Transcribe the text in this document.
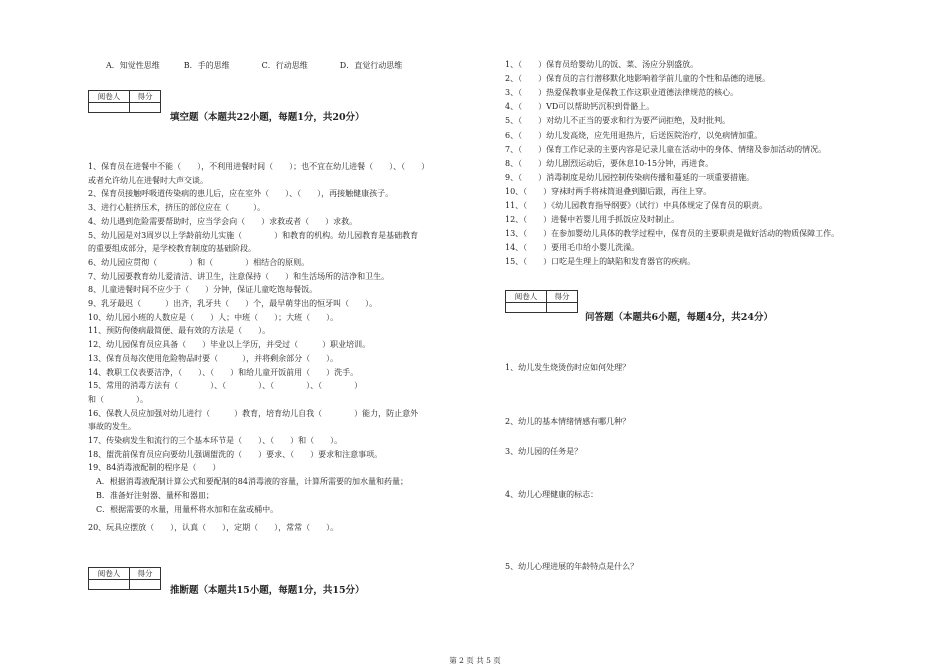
A．知觉性思维　　　B．手的思维　　　　C．行动思维　　　　D．直觉行动思维
阅卷人	得分

填空题（本题共22小题，每题1分，共20分）
1、保育员在进餐中不能（　　），不利用进餐时间（　　）；也不宜在幼儿进餐（　　）、（　　）
或者允许幼儿在进餐时大声交谈。
2、保育员接触呼吸道传染病的患儿后，应在室外（　　）、（　　），再接触健康孩子。
3、进行心脏挤压术，挤压的部位应在（　　　）。
4、幼儿遇到危险需要帮助时，应当学会向（　　）求救或者（　　）求救。
5、幼儿园是对3周岁以上学龄前幼儿实施（　　　　）和教育的机构。幼儿园教育是基础教育
的重要组成部分，是学校教育制度的基础阶段。
6、幼儿园应贯彻（　　　　）和（　　　　）相结合的原则。
7、幼儿园要教育幼儿爱清洁、讲卫生，注意保持（　　）和生活场所的洁净和卫生。
8、儿童进餐时间不应少于（　　）分钟，保证儿童吃饱每餐饭。
9、乳牙最迟（　　　）出齐，乳牙共（　　）个，最早萌芽出的恒牙叫（　　）。
10、幼儿园小班的人数应是（　　）人；中班（　　）；大班（　　）。
11、预防佝偻病最简便、最有效的方法是（　　）。
12、幼儿园保育员应具备（　　）毕业以上学历，并受过（　　　）职业培训。
13、保育员每次使用危险物品时要（　　　），并将剩余部分（　　）。
14、教职工仪表要洁净，（　　）、（　　）和给儿童开饭前用（　　）洗手。
15、常用的消毒方法有（　　　　）、（　　　　）、（　　　　）、（　　　　）
和（　　　　）。
16、保教人员应加强对幼儿进行（　　　）教育，培育幼儿自我（　　　　）能力，防止意外
事故的发生。
17、传染病发生和流行的三个基本环节是（　　）、（　　）和（　　）。
18、盥洗前保育员应向要幼儿强调盥洗的（　　）要求、（　　）要求和注意事项。
19、84消毒液配制的程序是（　　）
　A．根据消毒液配制计算公式和要配制的84消毒液的容量，计算所需要的加水量和药量；
　B．准备好注射器、量杯和器皿；
　C．根据需要的水量，用量杯将水加和在盆或桶中。
20、玩具应摆放（　　），认真（　　），定期（　　），常常（　　）。
阅卷人	得分

推断题（本题共15小题，每题1分，共15分）
1、（　　）保育员给婴幼儿的饭、菜、汤应分别盛放。
2、（　　）保育员的言行潜移默化地影响着学前儿童的个性和品德的进展。
3、（　　）热爱保教事业是保教工作这职业道德法律规范的核心。
4、（　　）VD可以帮助钙沉积到骨骼上。
5、（　　）对幼儿不正当的要求和行为要严词拒绝，及时批判。
6、（　　）幼儿发高烧，应先用退热片，后送医院治疗，以免病情加重。
7、（　　）保育工作记录的主要内容是记录儿童在活动中的身体、情绪及参加活动的情况。
8、（　　）幼儿剧烈运动后，要休息10-15分钟，再进食。
9、（　　）消毒制度是幼儿园控制传染病传播和蔓延的一项重要措施。
10、（　　）穿袜时两手将袜筒退叠到脚后跟，再往上穿。
11、（　　）《幼儿园教育指导纲要》（试行）中具体规定了保育员的职责。
12、（　　）进餐中若婴儿用手抓饭应及时制止。
13、（　　）在参加婴幼儿具体的教学过程中，保育员的主要职责是做好活动的物质保障工作。
14、（　　）要用毛巾给小婴儿洗澡。
15、（　　）口吃是生理上的缺陷和发育器官的疾病。
阅卷人	得分

问答题（本题共6小题，每题4分，共24分）
1、幼儿发生烧烫伤时应如何处理？
2、幼儿的基本情绪情感有哪几种？
3、幼儿园的任务是？
4、幼儿心理健康的标志：
5、幼儿心理进展的年龄特点是什么？
第 2 页 共 5 页
